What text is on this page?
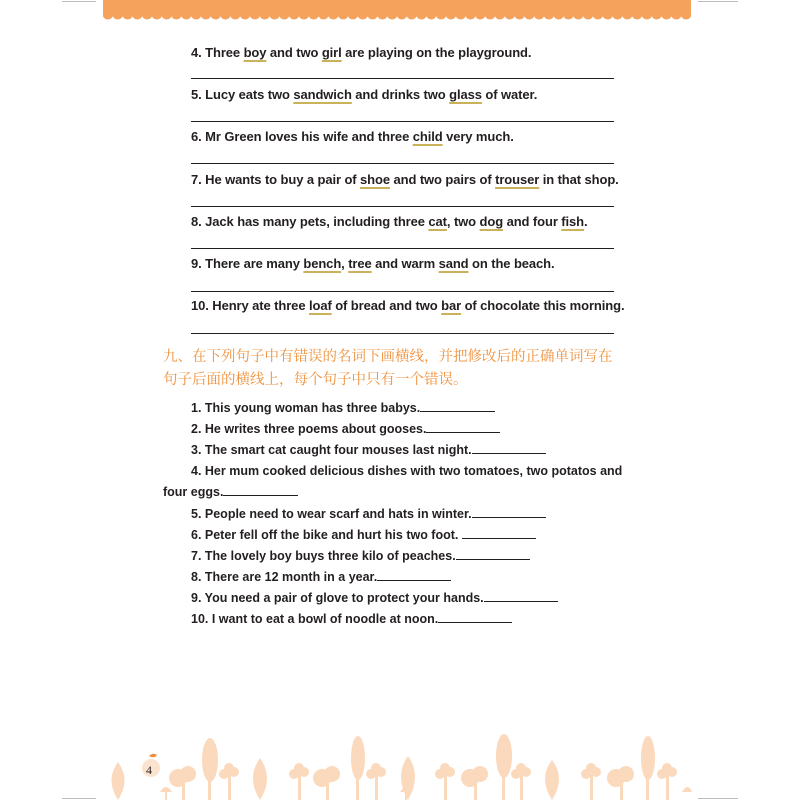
4. Three boy and two girl are playing on the playground.
5. Lucy eats two sandwich and drinks two glass of water.
6. Mr Green loves his wife and three child very much.
7. He wants to buy a pair of shoe and two pairs of trouser in that shop.
8. Jack has many pets, including three cat, two dog and four fish.
9. There are many bench, tree and warm sand on the beach.
10. Henry ate three loaf of bread and two bar of chocolate this morning.
九、在下列句子中有错误的名词下画横线，并把修改后的正确单词写在
句子后面的横线上，每个句子中只有一个错误。
1. This young woman has three babys.
2. He writes three poems about gooses.
3. The smart cat caught four mouses last night.
4. Her mum cooked delicious dishes with two tomatoes, two potatos and
four eggs.
5. People need to wear scarf and hats in winter.
6. Peter fell off the bike and hurt his two foot.
7. The lovely boy buys three kilo of peaches.
8. There are 12 month in a year.
9. You need a pair of glove to protect your hands.
10. I want to eat a bowl of noodle at noon.
4
